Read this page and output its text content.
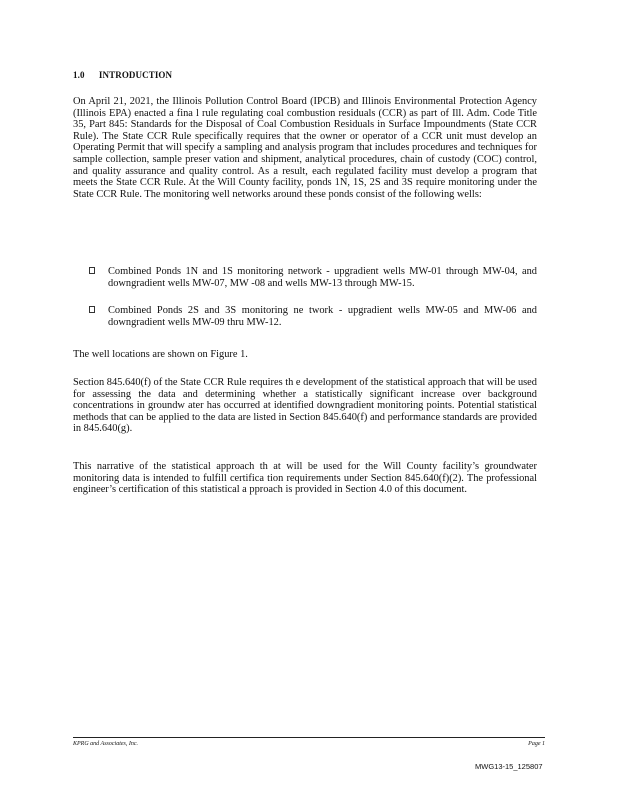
1.0 INTRODUCTION

On April 21, 2021, the Illinois Pollution Control Board (IPCB) and Illinois Environmental Protection Agency (Illinois EPA) enacted a fina l rule regulating coal combustion residuals (CCR) as part of Ill. Adm. Code Title 35, Part 845: Standards for the Disposal of Coal Combustion Residuals in Surface Impoundments (State CCR Rule). The State CCR Rule specifically requires that the owner or operator of a CCR unit must develop an Operating Permit that will specify a sampling and analysis program that includes procedures and techniques for sample collection, sample preser vation and shipment, analytical procedures, chain of custody (COC) control, and quality assurance and quality control. As a result, each regulated facility must develop a program that meets the State CCR Rule. At the Will County facility, ponds 1N, 1S, 2S and 3S require monitoring under the State CCR Rule. The monitoring well networks around these ponds consist of the following wells:

Combined Ponds 1N and 1S monitoring network - upgradient wells MW-01 through MW-04, and downgradient wells MW-07, MW -08 and wells MW-13 through MW-15.
Combined Ponds 2S and 3S monitoring ne twork - upgradient wells MW-05 and MW-06 and downgradient wells MW-09 thru MW-12.

The well locations are shown on Figure 1.

Section 845.640(f) of the State CCR Rule requires th e development of the statistical approach that will be used for assessing the data and determining whether a statistically significant increase over background concentrations in groundw ater has occurred at identified downgradient monitoring points. Potential statistical methods that can be applied to the data are listed in Section 845.640(f) and performance standards are provided in 845.640(g).

This narrative of the statistical approach th at will be used for the Will County facility’s groundwater monitoring data is intended to fulfill certifica tion requirements under Section 845.640(f)(2). The professional engineer’s certification of this statistical a pproach is provided in Section 4.0 of this document.

KPRG and Associates, Inc.	Page 1
MWG13-15_125807
